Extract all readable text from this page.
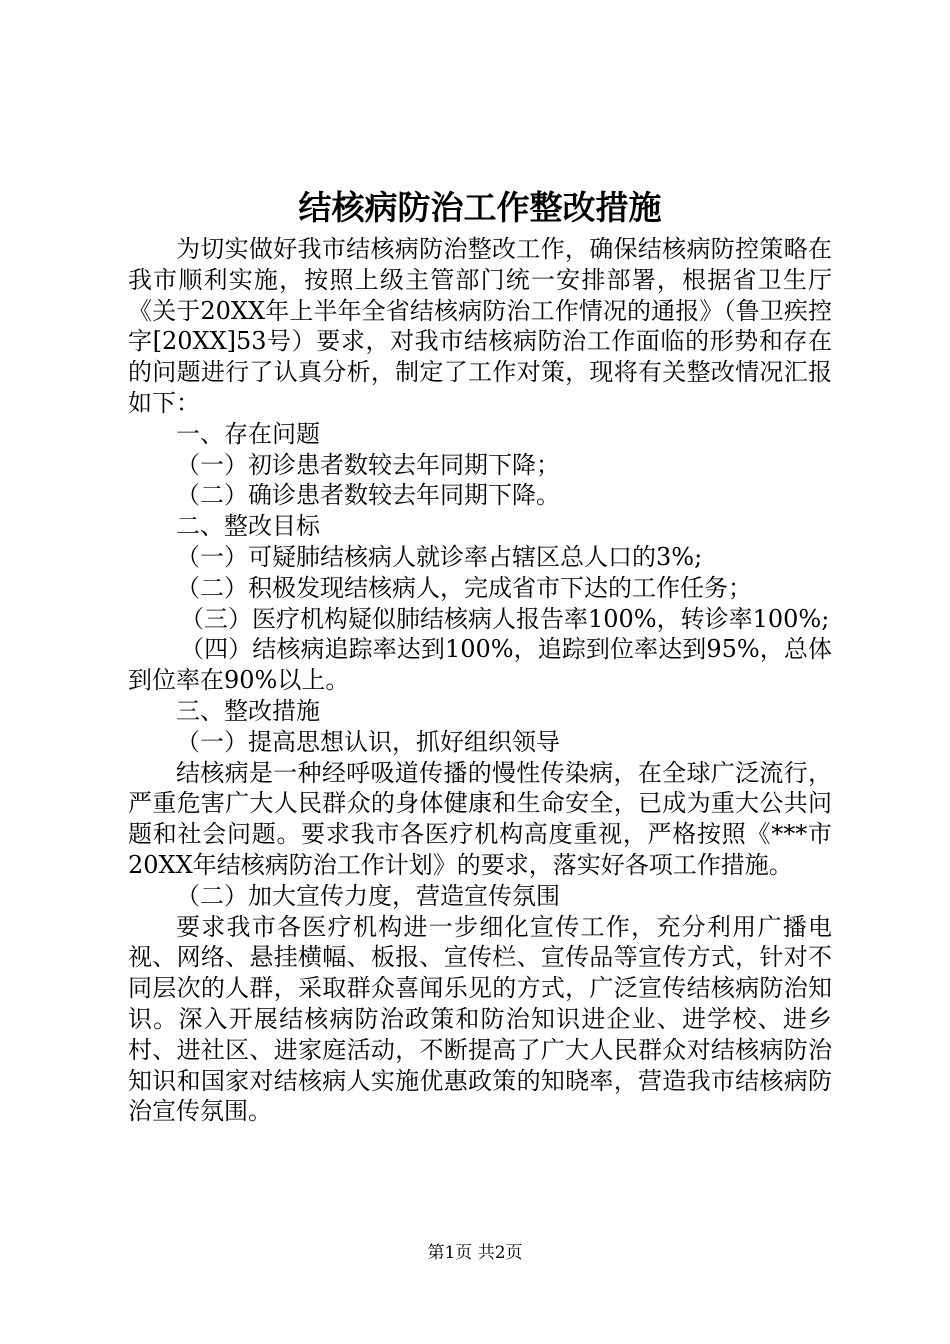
结核病防治工作整改措施

为切实做好我市结核病防治整改工作，确保结核病防控策略在我市顺利实施，按照上级主管部门统一安排部署，根据省卫生厅《关于20XX年上半年全省结核病防治工作情况的通报》（鲁卫疾控字[20XX]53号）要求，对我市结核病防治工作面临的形势和存在的问题进行了认真分析，制定了工作对策，现将有关整改情况汇报如下：

一、存在问题

（一）初诊患者数较去年同期下降；

（二）确诊患者数较去年同期下降。

二、整改目标

（一）可疑肺结核病人就诊率占辖区总人口的3%;

（二）积极发现结核病人，完成省市下达的工作任务；

（三）医疗机构疑似肺结核病人报告率100%，转诊率100%;

（四）结核病追踪率达到100%，追踪到位率达到95%，总体到位率在90%以上。

三、整改措施

（一）提高思想认识，抓好组织领导

结核病是一种经呼吸道传播的慢性传染病，在全球广泛流行，严重危害广大人民群众的身体健康和生命安全，已成为重大公共问题和社会问题。要求我市各医疗机构高度重视，严格按照《***市20XX年结核病防治工作计划》的要求，落实好各项工作措施。

（二）加大宣传力度，营造宣传氛围

要求我市各医疗机构进一步细化宣传工作，充分利用广播电视、网络、悬挂横幅、板报、宣传栏、宣传品等宣传方式，针对不同层次的人群，采取群众喜闻乐见的方式，广泛宣传结核病防治知识。深入开展结核病防治政策和防治知识进企业、进学校、进乡村、进社区、进家庭活动，不断提高了广大人民群众对结核病防治知识和国家对结核病人实施优惠政策的知晓率，营造我市结核病防治宣传氛围。

第1页 共2页
